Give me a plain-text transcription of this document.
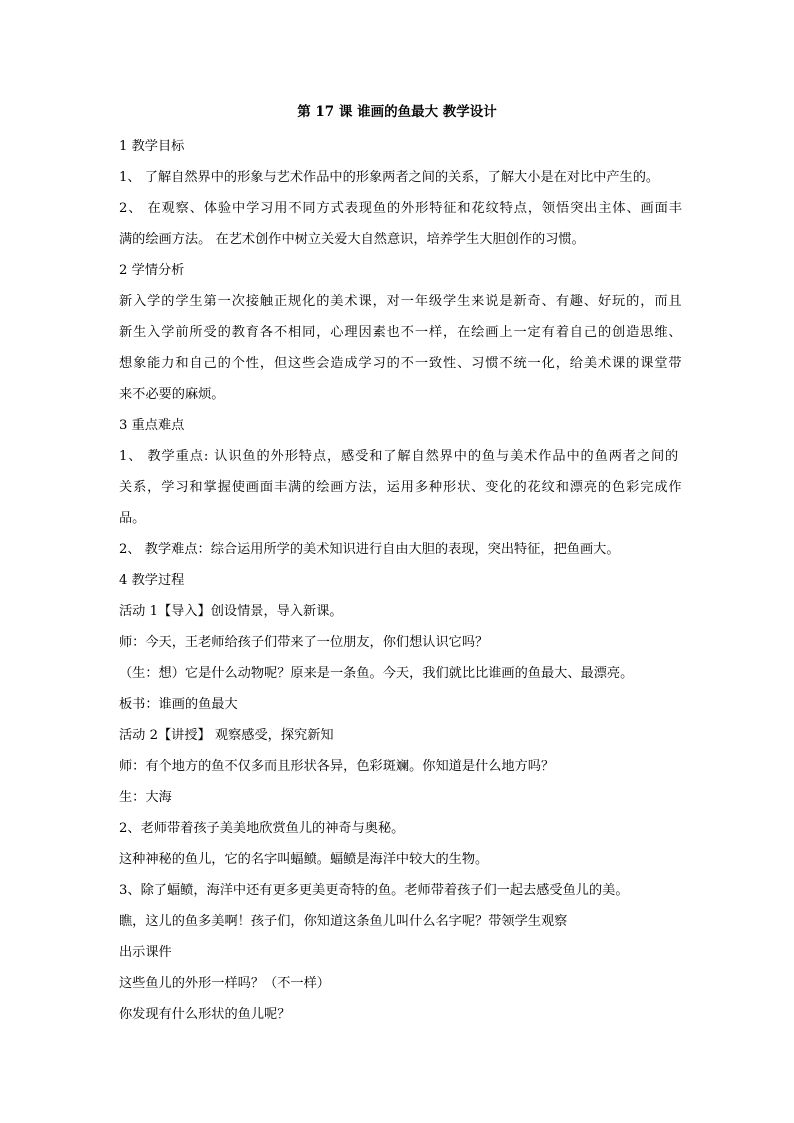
第 17 课 谁画的鱼最大 教学设计
1 教学目标
1、 了解自然界中的形象与艺术作品中的形象两者之间的关系，了解大小是在对比中产生的。
2、 在观察、体验中学习用不同方式表现鱼的外形特征和花纹特点，领悟突出主体、画面丰
满的绘画方法。 在艺术创作中树立关爱大自然意识，培养学生大胆创作的习惯。
2 学情分析
新入学的学生第一次接触正规化的美术课，对一年级学生来说是新奇、有趣、好玩的，而且
新生入学前所受的教育各不相同，心理因素也不一样，在绘画上一定有着自己的创造思维、
想象能力和自己的个性，但这些会造成学习的不一致性、习惯不统一化，给美术课的课堂带
来不必要的麻烦。
3 重点难点
1、 教学重点: 认识鱼的外形特点，感受和了解自然界中的鱼与美术作品中的鱼两者之间的
关系，学习和掌握使画面丰满的绘画方法，运用多种形状、变化的花纹和漂亮的色彩完成作
品。
2、 教学难点：综合运用所学的美术知识进行自由大胆的表现，突出特征，把鱼画大。
4 教学过程
活动 1【导入】创设情景，导入新课。
师：今天，王老师给孩子们带来了一位朋友，你们想认识它吗？
（生：想）它是什么动物呢？原来是一条鱼。今天，我们就比比谁画的鱼最大、最漂亮。
板书：谁画的鱼最大
活动 2【讲授】 观察感受，探究新知
师：有个地方的鱼不仅多而且形状各异，色彩斑斓。你知道是什么地方吗？
生：大海
2、老师带着孩子美美地欣赏鱼儿的神奇与奥秘。
这种神秘的鱼儿，它的名字叫蝠鲼。蝠鲼是海洋中较大的生物。
3、除了蝠鲼，海洋中还有更多更美更奇特的鱼。老师带着孩子们一起去感受鱼儿的美。
瞧，这儿的鱼多美啊！孩子们，你知道这条鱼儿叫什么名字呢？带领学生观察
出示课件
这些鱼儿的外形一样吗？（不一样）
你发现有什么形状的鱼儿呢？
